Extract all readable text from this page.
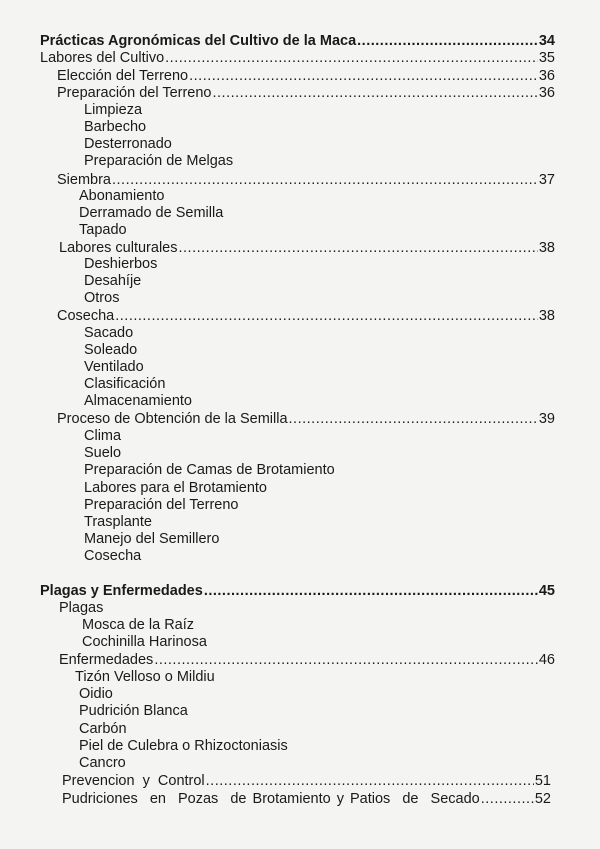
Prácticas Agronómicas del Cultivo de la Maca .....	34
Labores del Cultivo .....	35
Elección del Terreno .....	36
Preparación del Terreno .....	36
Limpieza
Barbecho
Desterronado
Preparación de Melgas
Siembra .....	37
Abonamiento
Derramado de Semilla
Tapado
Labores culturales .....	38
Deshierbos
Desahíje
Otros
Cosecha .....	38
Sacado
Soleado
Ventilado
Clasificación
Almacenamiento
Proceso de Obtención de la Semilla .....	39
Clima
Suelo
Preparación de Camas de Brotamiento
Labores para el Brotamiento
Preparación del Terreno
Trasplante
Manejo del Semillero
Cosecha
Plagas y Enfermedades .....	45
Plagas
Mosca de la Raíz
Cochinilla Harinosa
Enfermedades .....	46
Tizón Velloso o Mildiu
Oidio
Pudrición Blanca
Carbón
Piel de Culebra o Rhizoctoniasis
Cancro
Prevencion  y  Control .....	51
Pudriciones  en  Pozas  de Brotamiento y Patios  de  Secado .....	52
